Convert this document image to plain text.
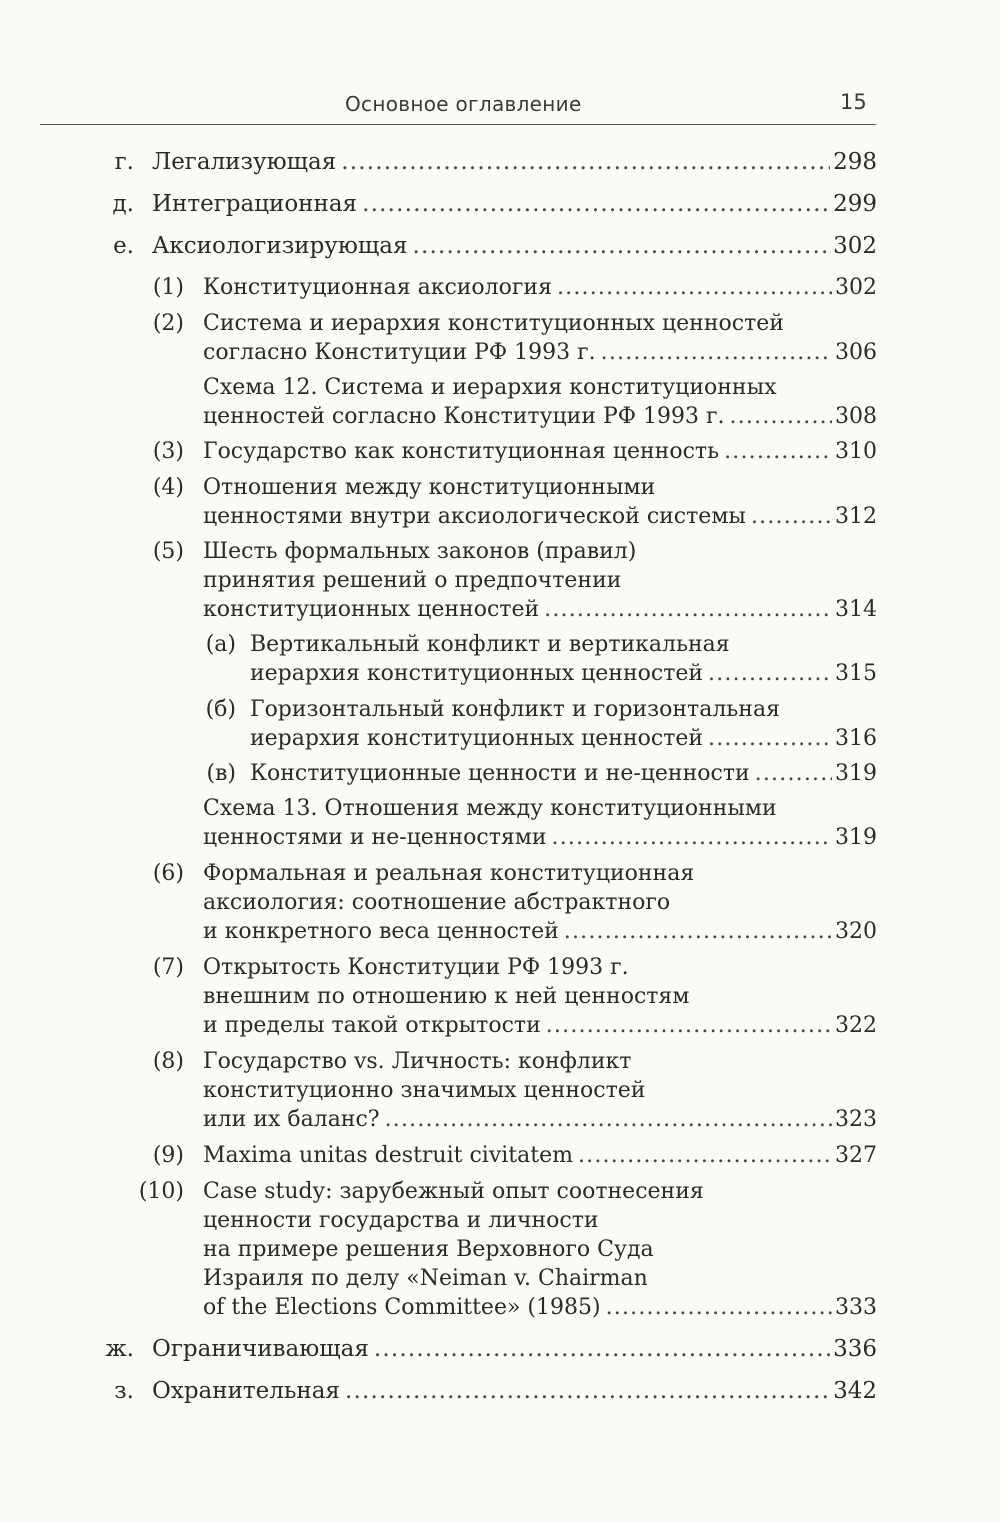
Основное оглавление	15
г. Легализующая .....	298
д. Интеграционная .....	299
е. Аксиологизирующая .....	302
(1) Конституционная аксиология .....	302
(2) Система и иерархия конституционных ценностей
согласно Конституции РФ 1993 г. .....	306
Схема 12. Система и иерархия конституционных
ценностей согласно Конституции РФ 1993 г. .....	308
(3) Государство как конституционная ценность .....	310
(4) Отношения между конституционными
ценностями внутри аксиологической системы .....	312
(5) Шесть формальных законов (правил)
принятия решений о предпочтении
конституционных ценностей .....	314
(а) Вертикальный конфликт и вертикальная
иерархия конституционных ценностей .....	315
(б) Горизонтальный конфликт и горизонтальная
иерархия конституционных ценностей .....	316
(в) Конституционные ценности и не-ценности .....	319
Схема 13. Отношения между конституционными
ценностями и не-ценностями .....	319
(6) Формальная и реальная конституционная
аксиология: соотношение абстрактного
и конкретного веса ценностей .....	320
(7) Открытость Конституции РФ 1993 г.
внешним по отношению к ней ценностям
и пределы такой открытости .....	322
(8) Государство vs. Личность: конфликт
конституционно значимых ценностей
или их баланс? .....	323
(9) Maxima unitas destruit civitatem .....	327
(10) Case study: зарубежный опыт соотнесения
ценности государства и личности
на примере решения Верховного Суда
Израиля по делу «Neiman v. Chairman
of the Elections Committee» (1985) .....	333
ж. Ограничивающая .....	336
з. Охранительная .....	342
